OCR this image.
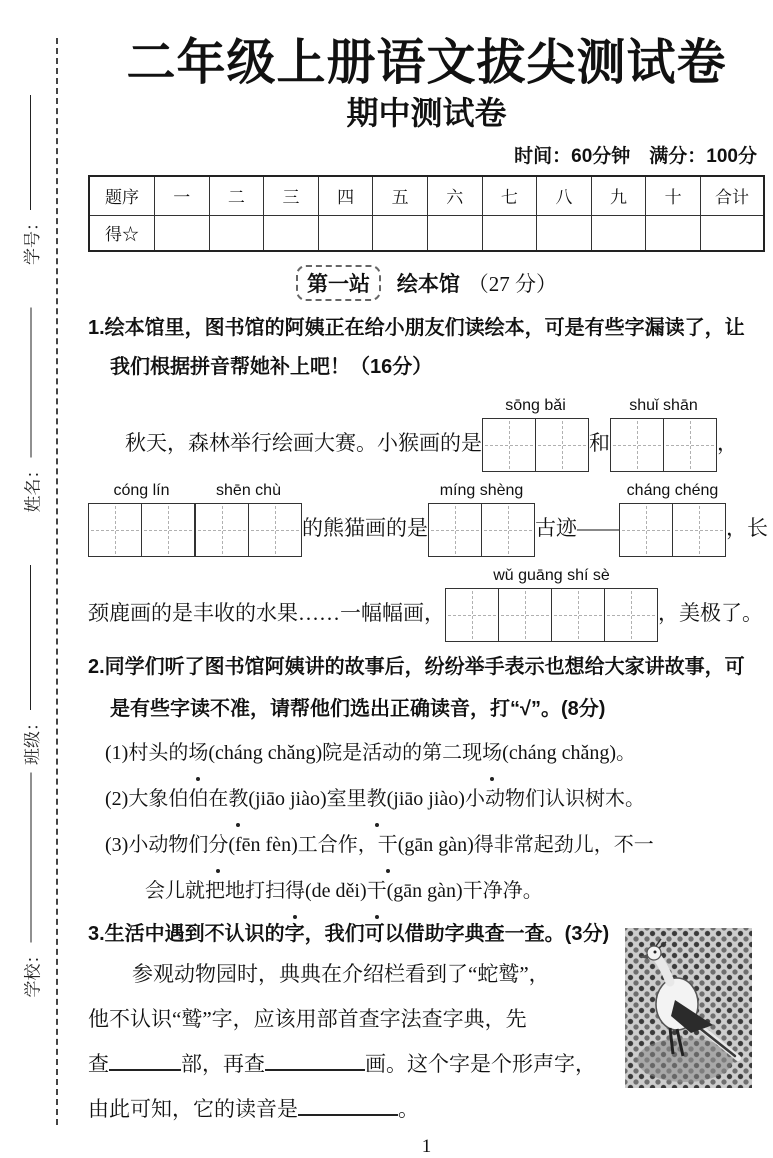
学号：
姓名：
班级：
学校：
二年级上册语文拔尖测试卷
期中测试卷
时间：60分钟　满分：100分
题序	一	二	三	四	五	六	七	八	九	十	合计
得☆											
第一站 绘本馆 （27 分）
1.绘本馆里，图书馆的阿姨正在给小朋友们读绘本，可是有些字漏读了，让
我们根据拼音帮她补上吧！（16分）
秋天，森林举行绘画大赛。小猴画的是
sōng bǎi
和
shuǐ shān
，
cóng lín	shēn chù
的熊猫画的是
míng shèng
古迹——
cháng chéng
，长
颈鹿画的是丰收的水果……一幅幅画，
wǔ guāng shí sè
，美极了。
2.同学们听了图书馆阿姨讲的故事后，纷纷举手表示也想给大家讲故事，可
是有些字读不准，请帮他们选出正确读音，打“√”。(8分)
(1)村头的场(cháng chǎng)院是活动的第二现场(cháng chǎng)。
(2)大象伯伯在教(jiāo jiào)室里教(jiāo jiào)小动物们认识树木。
(3)小动物们分(fēn fèn)工合作，干(gān gàn)得非常起劲儿，不一
会儿就把地打扫得(de děi)干(gān gàn)干净净。
3.生活中遇到不认识的字，我们可以借助字典查一查。(3分)
参观动物园时，典典在介绍栏看到了“蛇鹫”，
他不认识“鹫”字，应该用部首查字法查字典，先
查	部，再查	画。这个字是个形声字，
由此可知，它的读音是	。
1
